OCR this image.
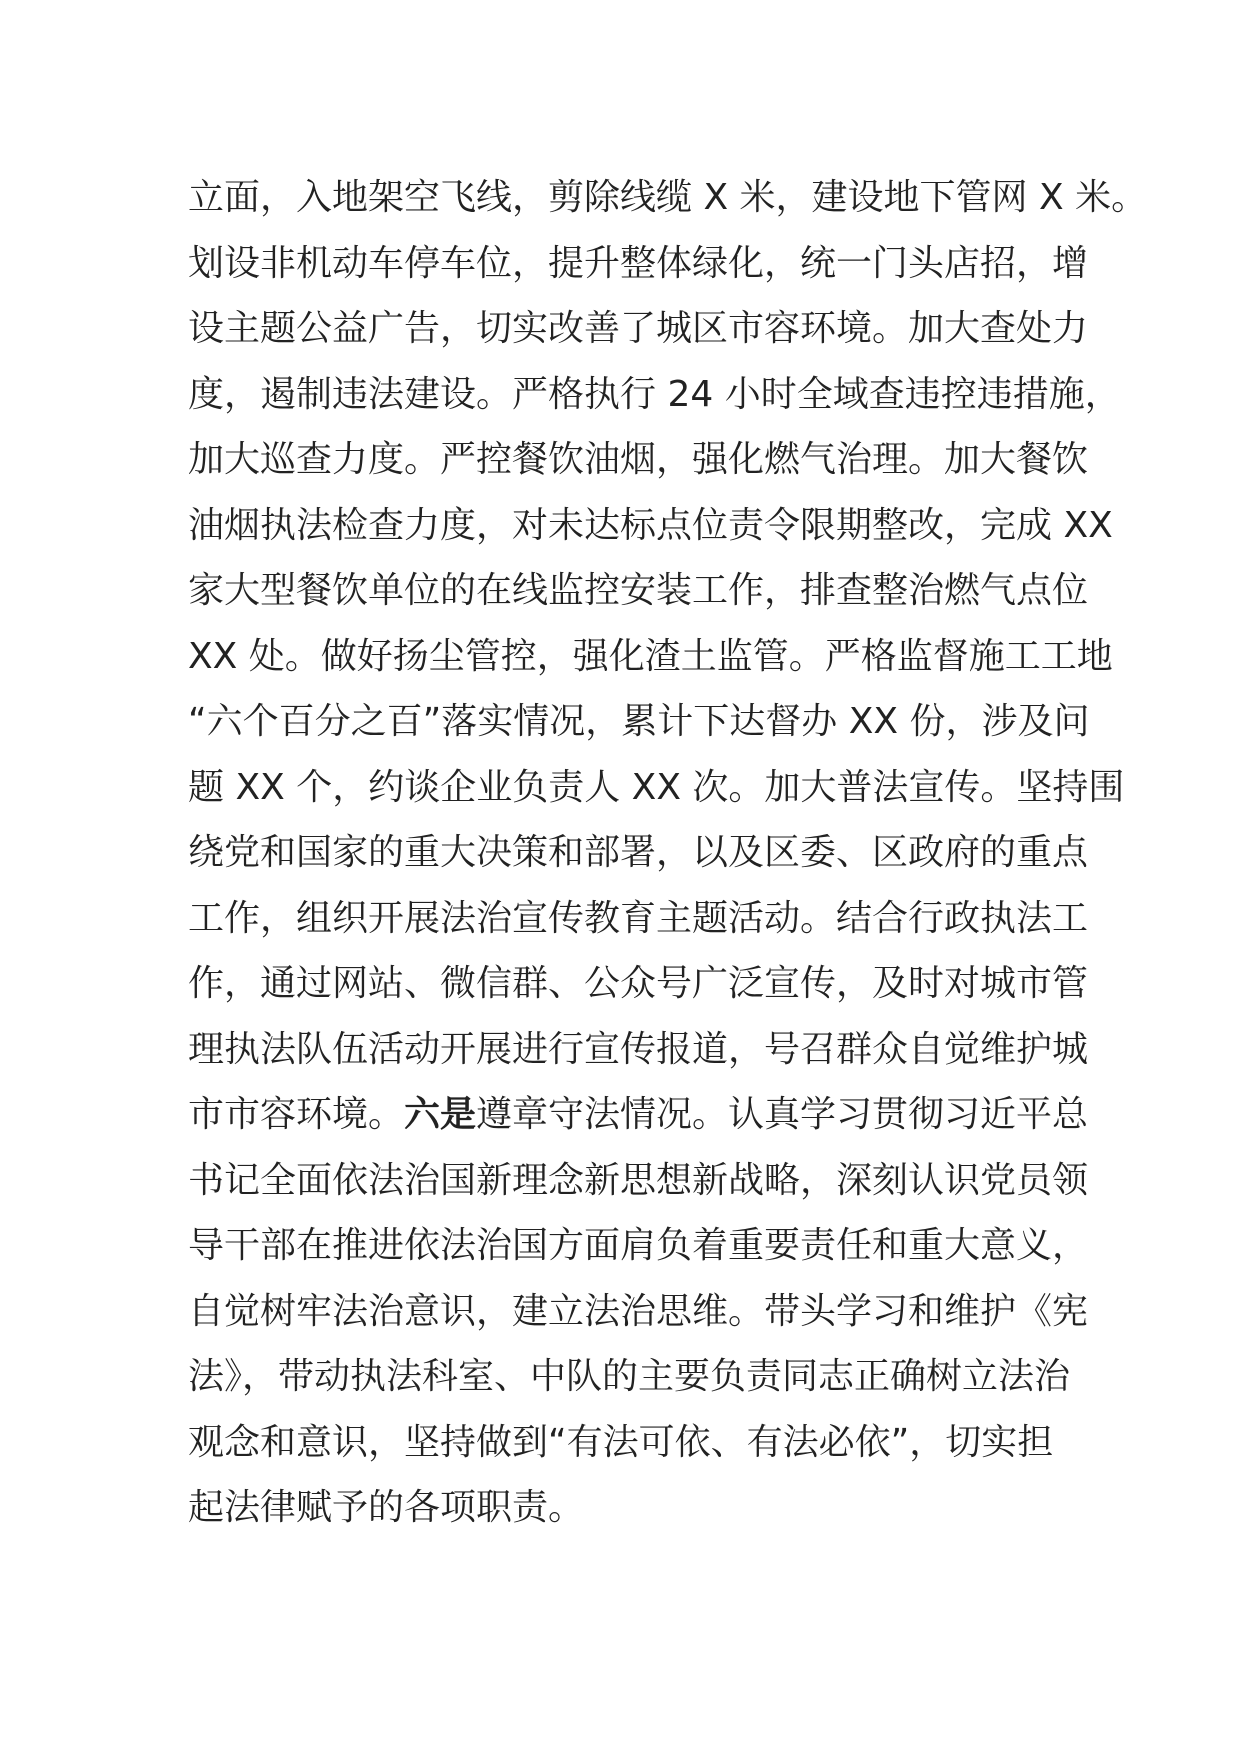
立面，入地架空飞线，剪除线缆 X 米，建设地下管网 X 米。
划设非机动车停车位，提升整体绿化，统一门头店招，增
设主题公益广告，切实改善了城区市容环境。加大查处力
度，遏制违法建设。严格执行 24 小时全域查违控违措施，
加大巡查力度。严控餐饮油烟，强化燃气治理。加大餐饮
油烟执法检查力度，对未达标点位责令限期整改，完成 XX
家大型餐饮单位的在线监控安装工作，排查整治燃气点位
XX 处。做好扬尘管控，强化渣土监管。严格监督施工工地
“六个百分之百”落实情况，累计下达督办 XX 份，涉及问
题 XX 个，约谈企业负责人 XX 次。加大普法宣传。坚持围
绕党和国家的重大决策和部署，以及区委、区政府的重点
工作，组织开展法治宣传教育主题活动。结合行政执法工
作，通过网站、微信群、公众号广泛宣传，及时对城市管
理执法队伍活动开展进行宣传报道，号召群众自觉维护城
市市容环境。六是遵章守法情况。认真学习贯彻习近平总
书记全面依法治国新理念新思想新战略，深刻认识党员领
导干部在推进依法治国方面肩负着重要责任和重大意义，
自觉树牢法治意识，建立法治思维。带头学习和维护《宪
法》，带动执法科室、中队的主要负责同志正确树立法治
观念和意识，坚持做到“有法可依、有法必依”，切实担
起法律赋予的各项职责。
